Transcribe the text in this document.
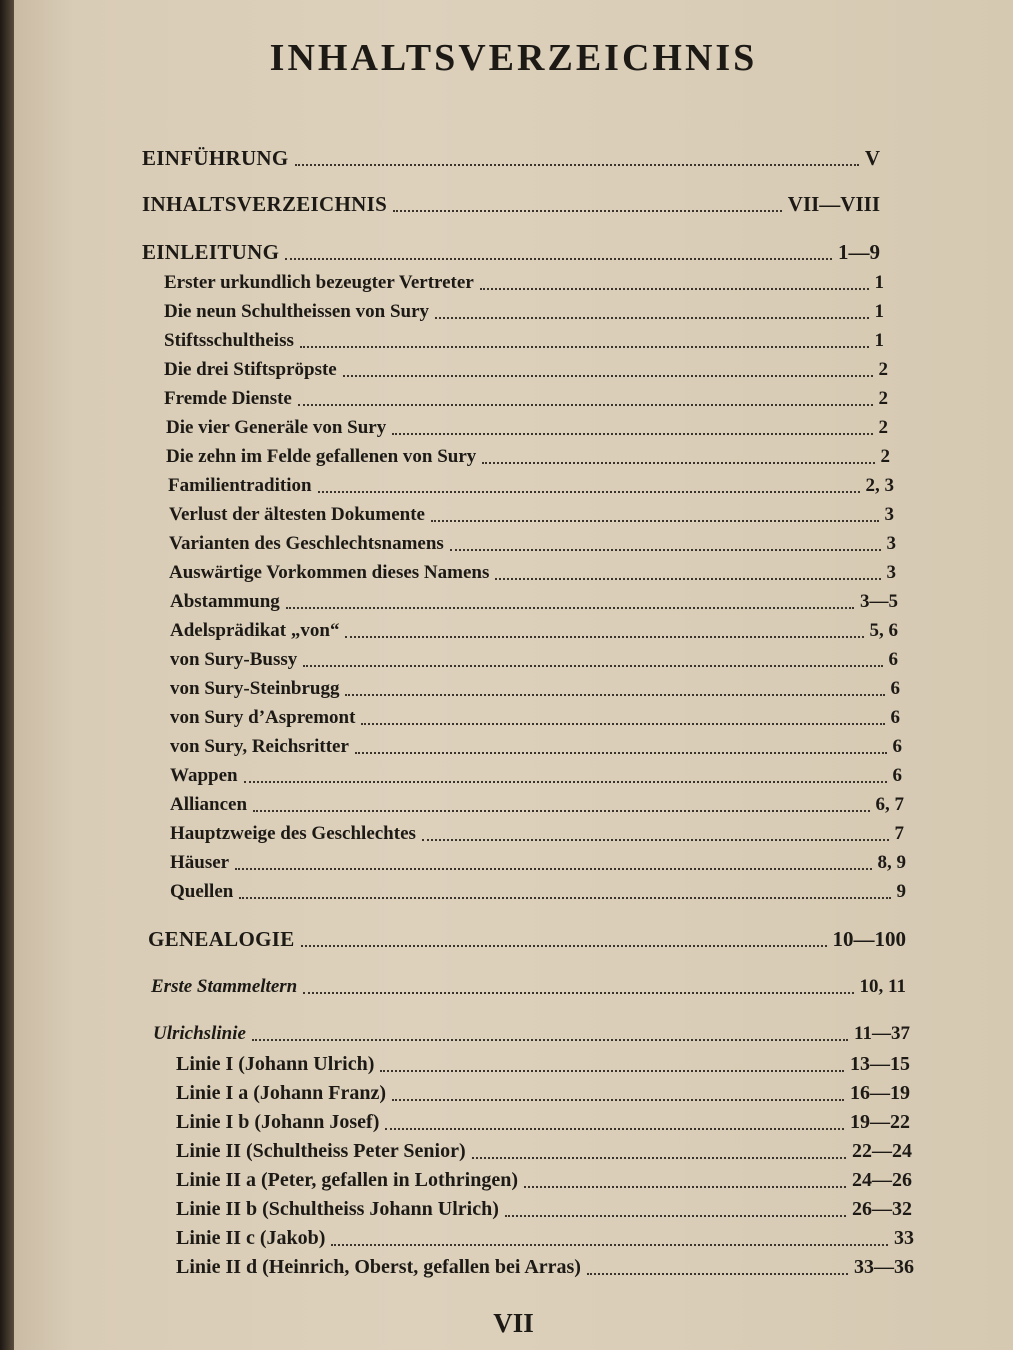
INHALTSVERZEICHNIS
EINFÜHRUNG	V
INHALTSVERZEICHNIS	VII—VIII
EINLEITUNG	1—9
Erster urkundlich bezeugter Vertreter	1
Die neun Schultheissen von Sury	1
Stiftsschultheiss	1
Die drei Stiftspröpste	2
Fremde Dienste	2
Die vier Generäle von Sury	2
Die zehn im Felde gefallenen von Sury	2
Familientradition	2, 3
Verlust der ältesten Dokumente	3
Varianten des Geschlechtsnamens	3
Auswärtige Vorkommen dieses Namens	3
Abstammung	3—5
Adelsprädikat „von“	5, 6
von Sury-Bussy	6
von Sury-Steinbrugg	6
von Sury d’Aspremont	6
von Sury, Reichsritter	6
Wappen	6
Alliancen	6, 7
Hauptzweige des Geschlechtes	7
Häuser	8, 9
Quellen	9
GENEALOGIE	10—100
Erste Stammeltern	10, 11
Ulrichslinie	11—37
Linie I (Johann Ulrich)	13—15
Linie I a (Johann Franz)	16—19
Linie I b (Johann Josef)	19—22
Linie II (Schultheiss Peter Senior)	22—24
Linie II a (Peter, gefallen in Lothringen)	24—26
Linie II b (Schultheiss Johann Ulrich)	26—32
Linie II c (Jakob)	33
Linie II d (Heinrich, Oberst, gefallen bei Arras)	33—36
VII
